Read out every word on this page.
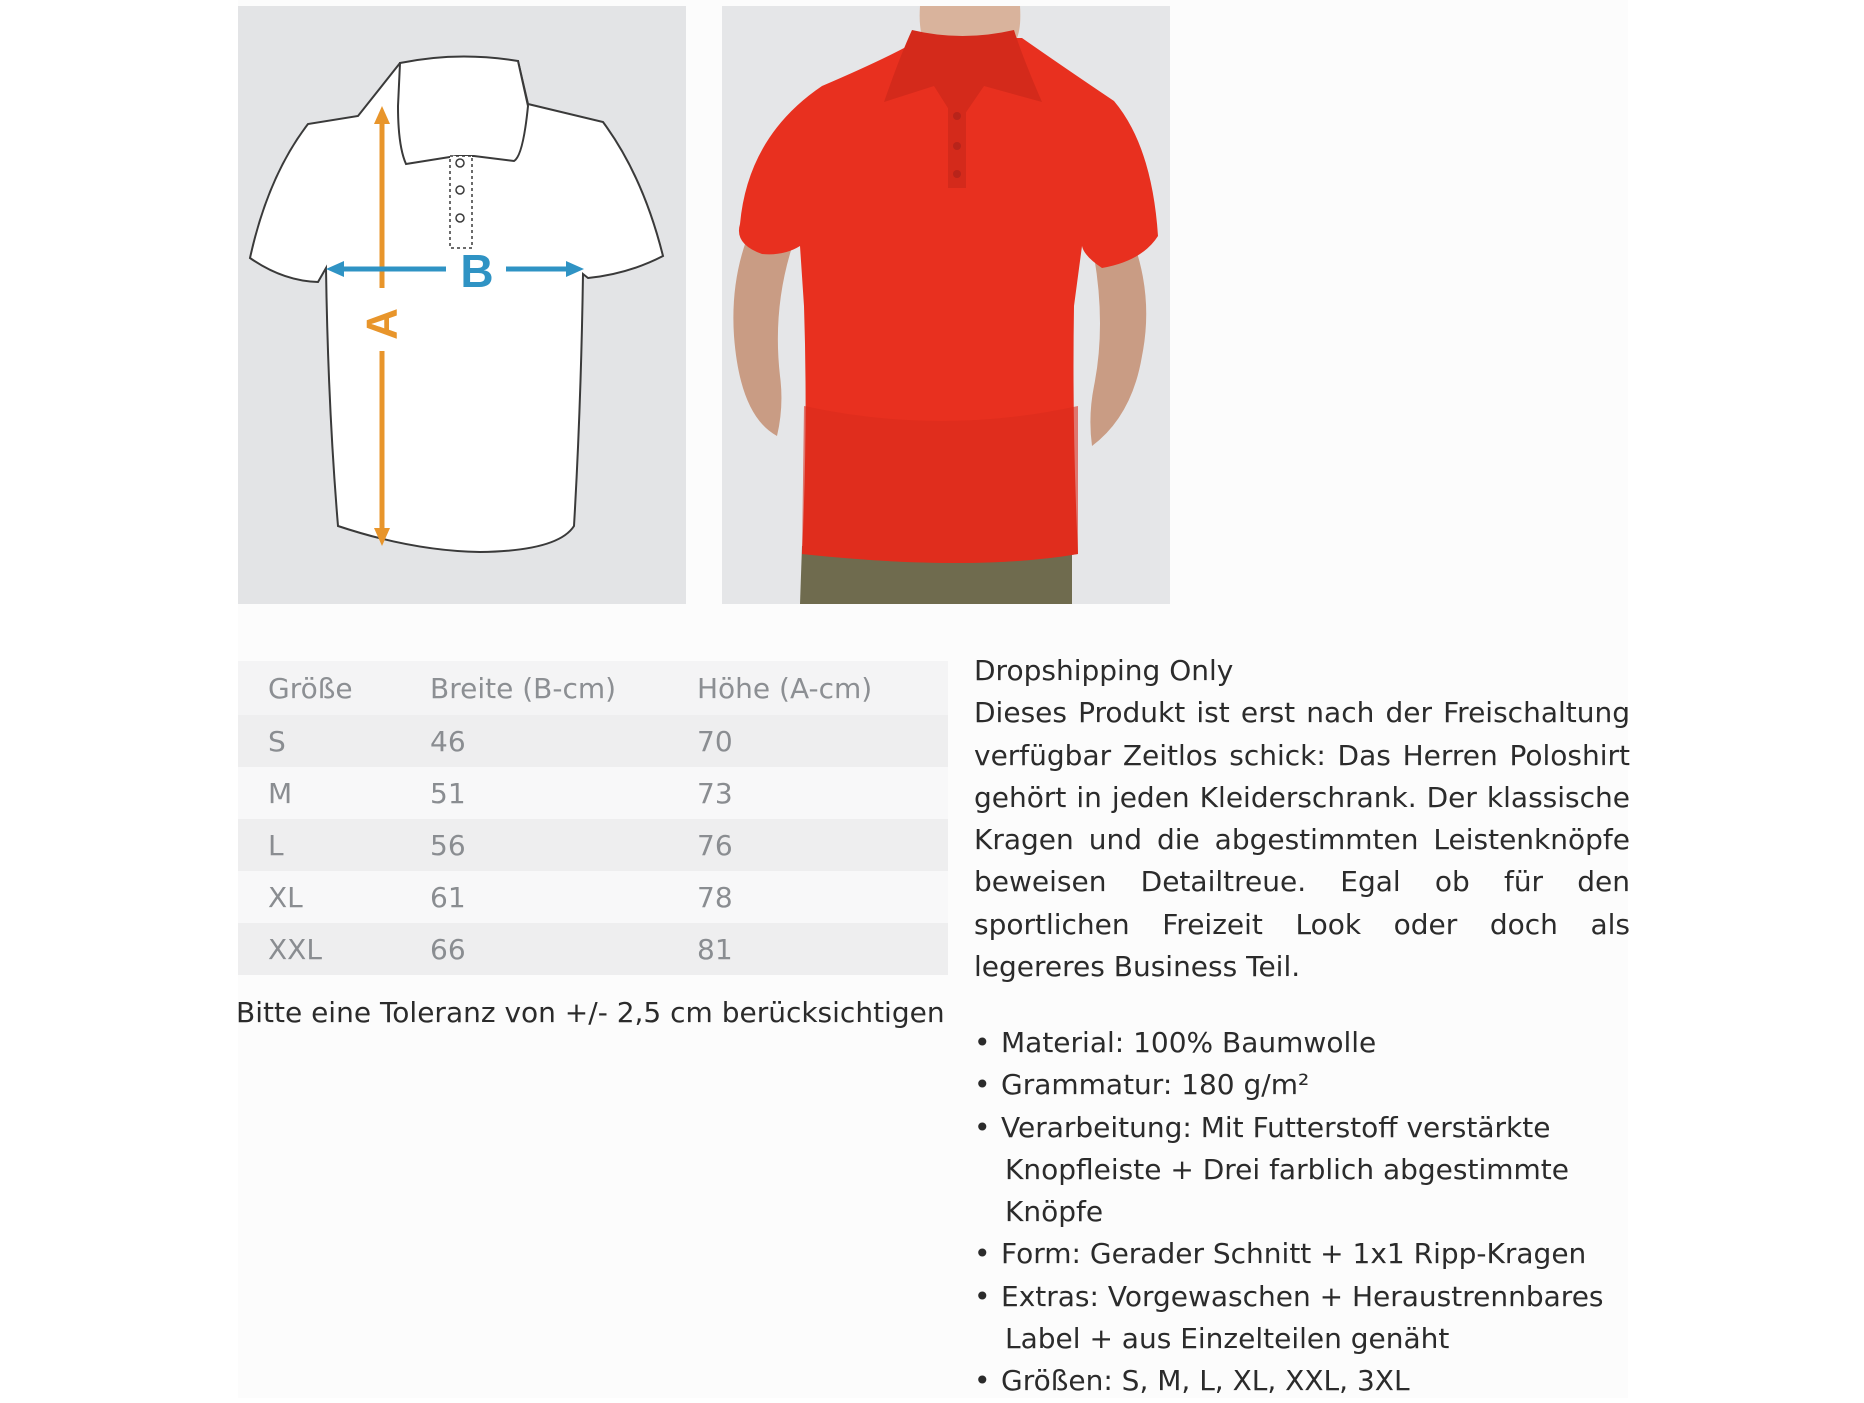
A
B
Größe	Breite (B-cm)	Höhe (A-cm)
S	46	70
M	51	73
L	56	76
XL	61	78
XXL	66	81
Bitte eine Toleranz von +/- 2,5 cm berücksichtigen
Dropshipping Only
Dieses Produkt ist erst nach der Freischaltung verfügbar Zeitlos schick: Das Herren Poloshirt gehört in jeden Kleiderschrank. Der klassische Kragen und die abgestimmten Leistenknöpfe beweisen Detailtreue. Egal ob für den sportlichen Freizeit Look oder doch als legereres Business Teil.
• Material: 100% Baumwolle
• Grammatur: 180 g/m²
• Verarbeitung: Mit Futterstoff verstärkte
Knopfleiste + Drei farblich abgestimmte
Knöpfe
• Form: Gerader Schnitt + 1x1 Ripp-Kragen
• Extras: Vorgewaschen + Heraustrennbares
Label + aus Einzelteilen genäht
• Größen: S, M, L, XL, XXL, 3XL
